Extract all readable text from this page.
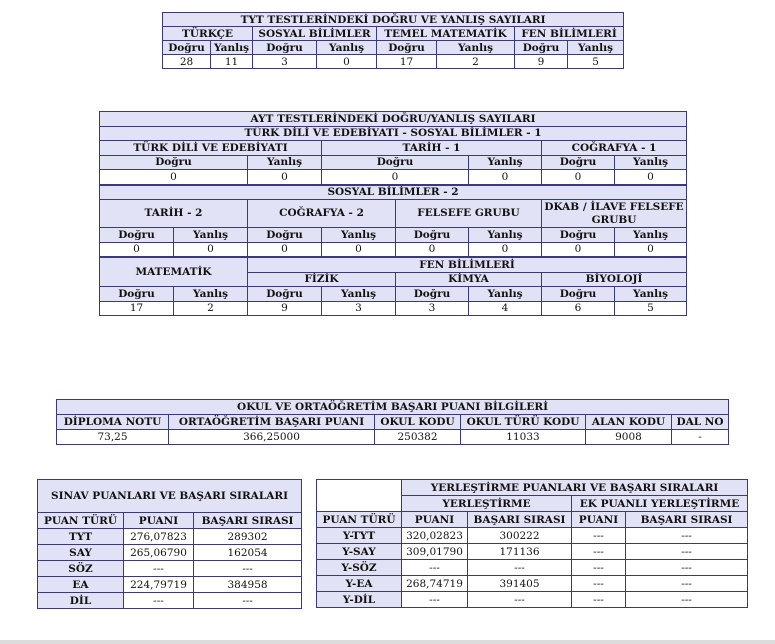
TYT TESTLERİNDEKİ DOĞRU VE YANLIŞ SAYILARI							
TÜRKÇE		SOSYAL BİLİMLER		TEMEL MATEMATİK		FEN BİLİMLERİ	
Doğru	Yanlış	Doğru	Yanlış	Doğru	Yanlış	Doğru	Yanlış
28	11	3	0	17	2	9	5
AYT TESTLERİNDEKİ DOĞRU/YANLIŞ SAYILARI							
TÜRK DİLİ VE EDEBİYATI - SOSYAL BİLİMLER - 1							
TÜRK DİLİ VE EDEBİYATI			TARİH - 1			COĞRAFYA - 1	
Doğru		Yanlış	Doğru		Yanlış	Doğru	Yanlış
0		0	0		0	0	0
SOSYAL BİLİMLER - 2							
TARİH - 2		COĞRAFYA - 2		FELSEFE GRUBU		DKAB / İLAVE FELSEFE GRUBU	
Doğru	Yanlış	Doğru	Yanlış	Doğru	Yanlış	Doğru	Yanlış
0	0	0	0	0	0	0	0
MATEMATİK		FEN BİLİMLERİ					
		FİZİK		KİMYA		BİYOLOJİ	
Doğru	Yanlış	Doğru	Yanlış	Doğru	Yanlış	Doğru	Yanlış
17	2	9	3	3	4	6	5
OKUL VE ORTAÖĞRETİM BAŞARI PUANI BİLGİLERİ					
DİPLOMA NOTU	ORTAÖĞRETİM BAŞARI PUANI	OKUL KODU	OKUL TÜRÜ KODU	ALAN KODU	DAL NO
73,25	366,25000	250382	11033	9008	-
SINAV PUANLARI VE BAŞARI SIRALARI		
PUAN TÜRÜ	PUANI	BAŞARI SIRASI
TYT	276,07823	289302
SAY	265,06790	162054
SÖZ	---	---
EA	224,79719	384958
DİL	---	---
	YERLEŞTİRME PUANLARI VE BAŞARI SIRALARI			
	YERLEŞTİRME		EK PUANLI YERLEŞTİRME	
PUAN TÜRÜ	PUANI	BAŞARI SIRASI	PUANI	BAŞARI SIRASI
Y-TYT	320,02823	300222	---	---
Y-SAY	309,01790	171136	---	---
Y-SÖZ	---	---	---	---
Y-EA	268,74719	391405	---	---
Y-DİL	---	---	---	---
